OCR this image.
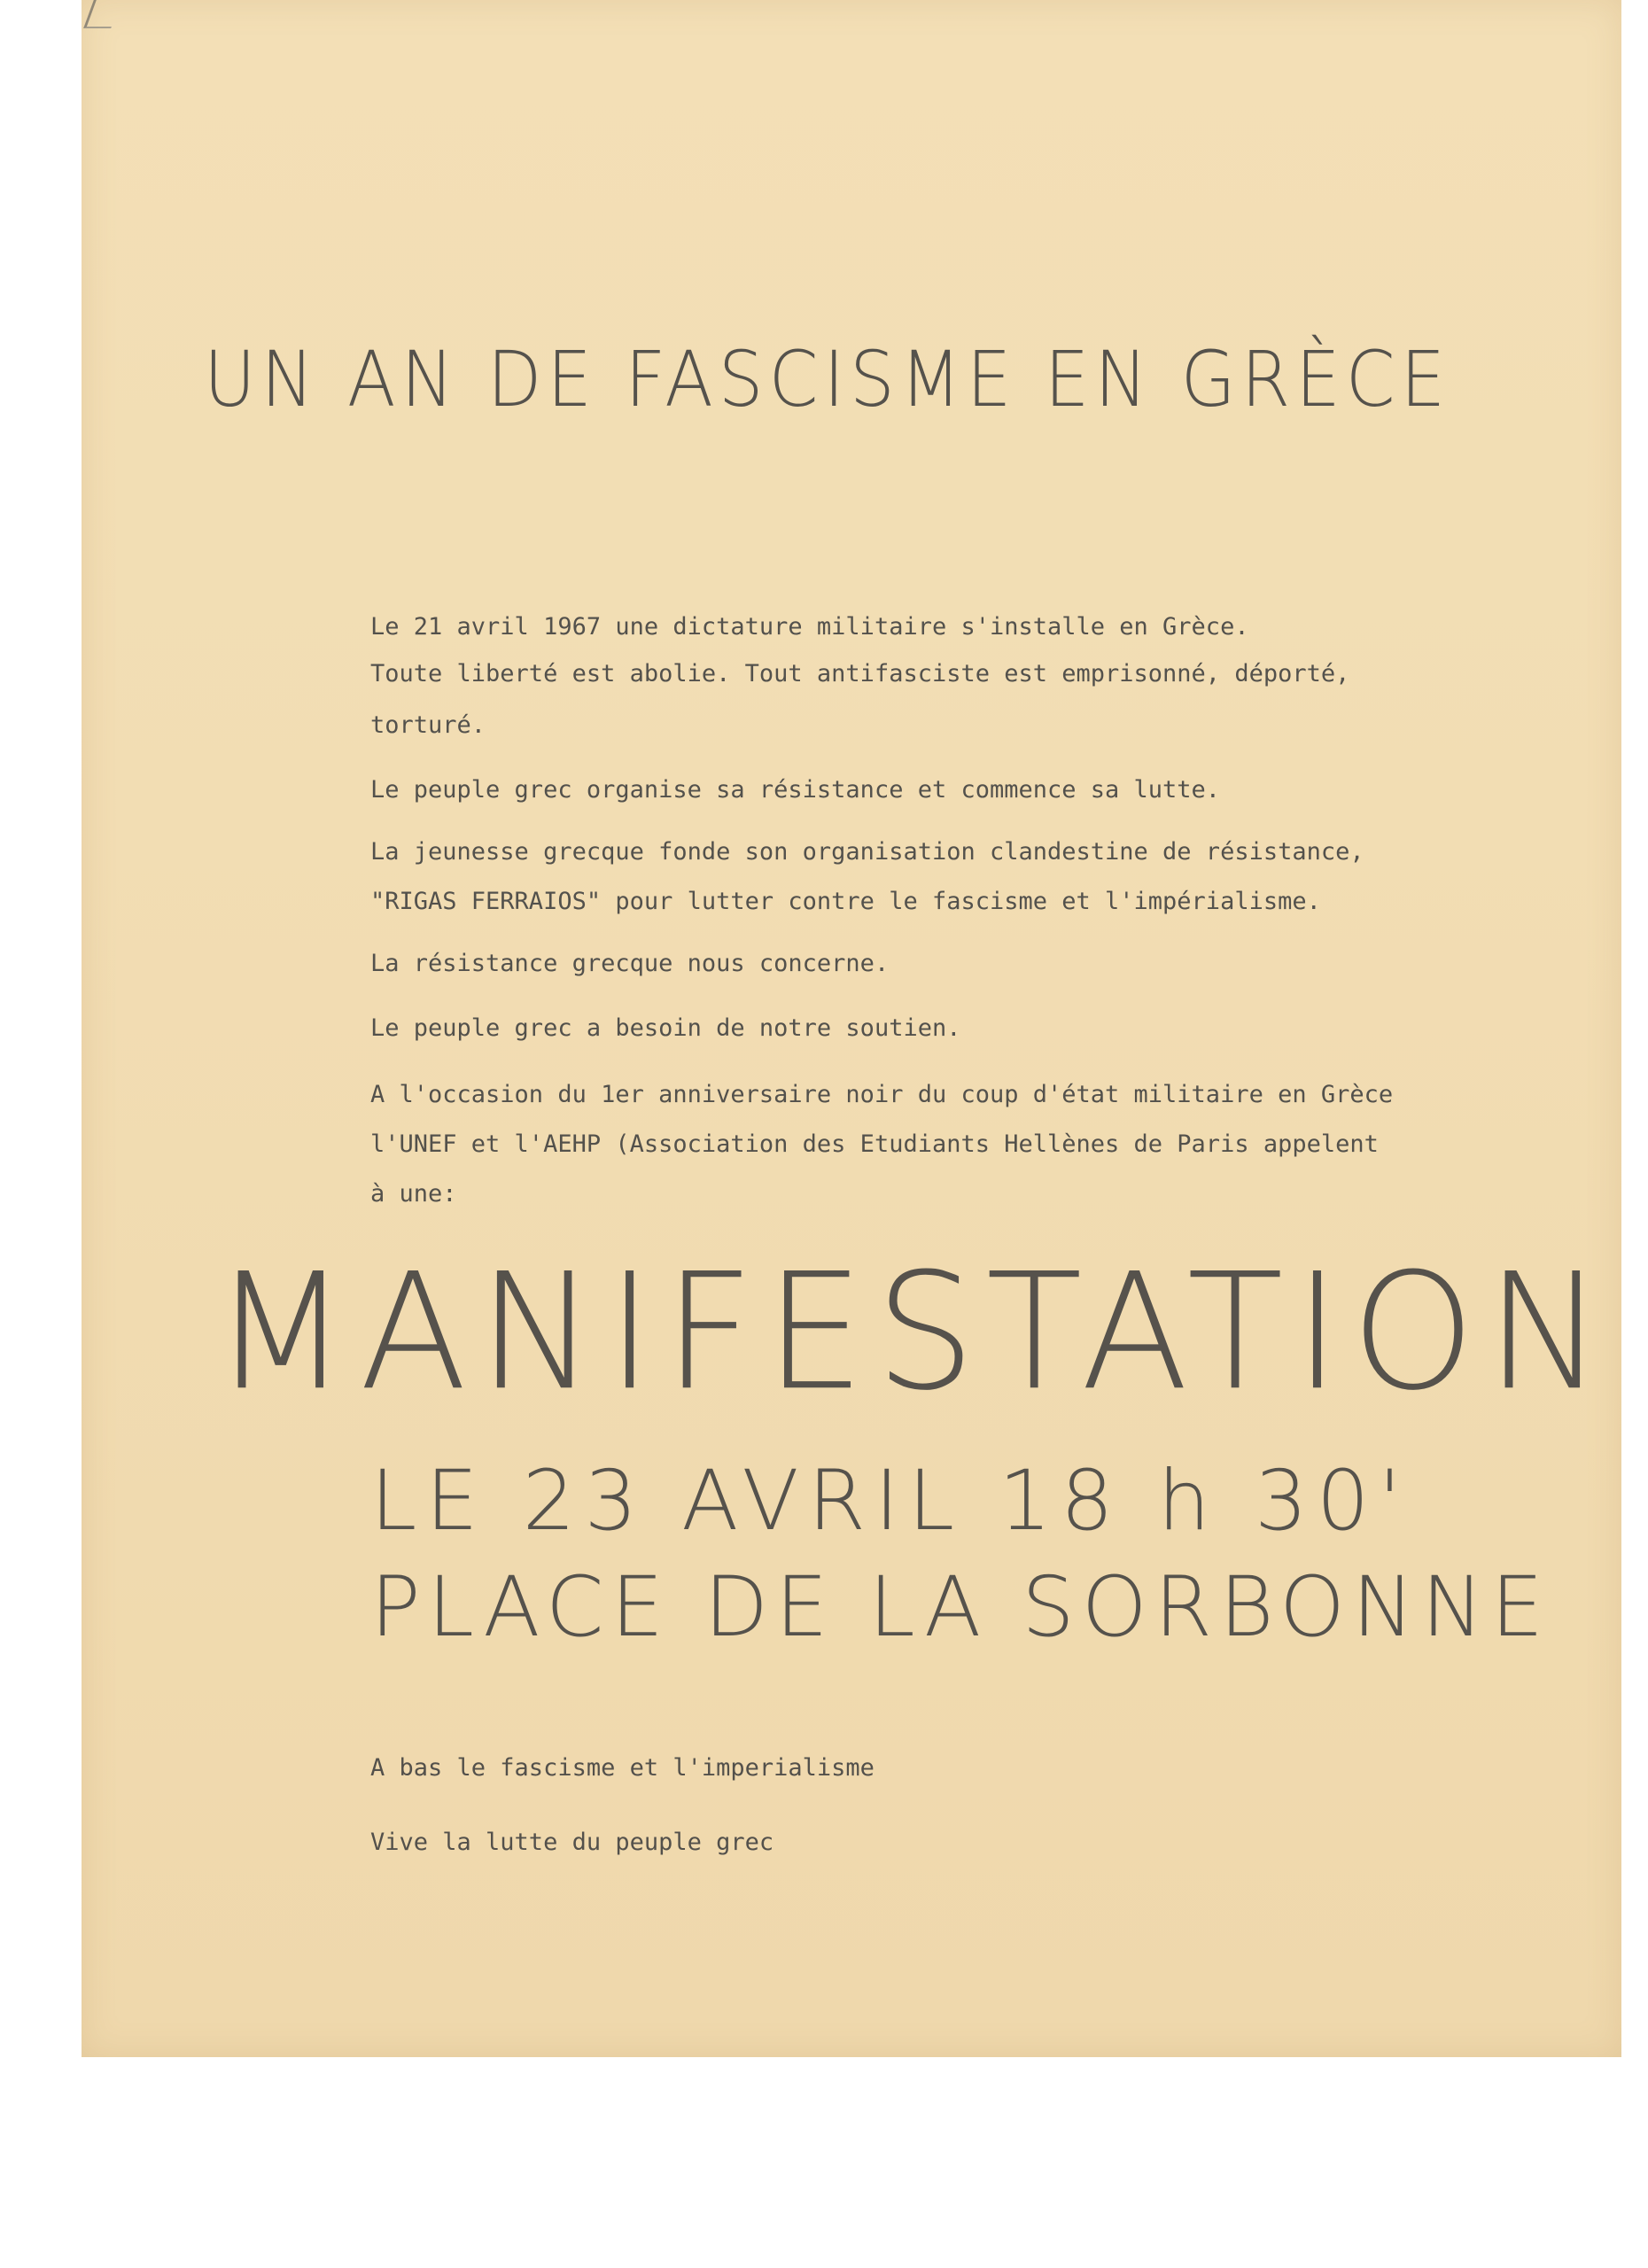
UN AN DE FASCISME EN GRÈCE
Le 21 avril 1967 une dictature militaire s'installe en Grèce.
Toute liberté est abolie. Tout antifasciste est emprisonné, déporté,
torturé.
Le peuple grec organise sa résistance et commence sa lutte.
La jeunesse grecque fonde son organisation clandestine de résistance,
"RIGAS FERRAIOS" pour lutter contre le fascisme et l'impérialisme.
La résistance grecque nous concerne.
Le peuple grec a besoin de notre soutien.
A l'occasion du 1er anniversaire noir du coup d'état militaire en Grèce
l'UNEF et l'AEHP (Association des Etudiants Hellènes de Paris appelent
à une:
MANIFESTATION
LE 23 AVRIL 18 h 30'
PLACE DE LA SORBONNE
A bas le fascisme et l'imperialisme
Vive la lutte du peuple grec
